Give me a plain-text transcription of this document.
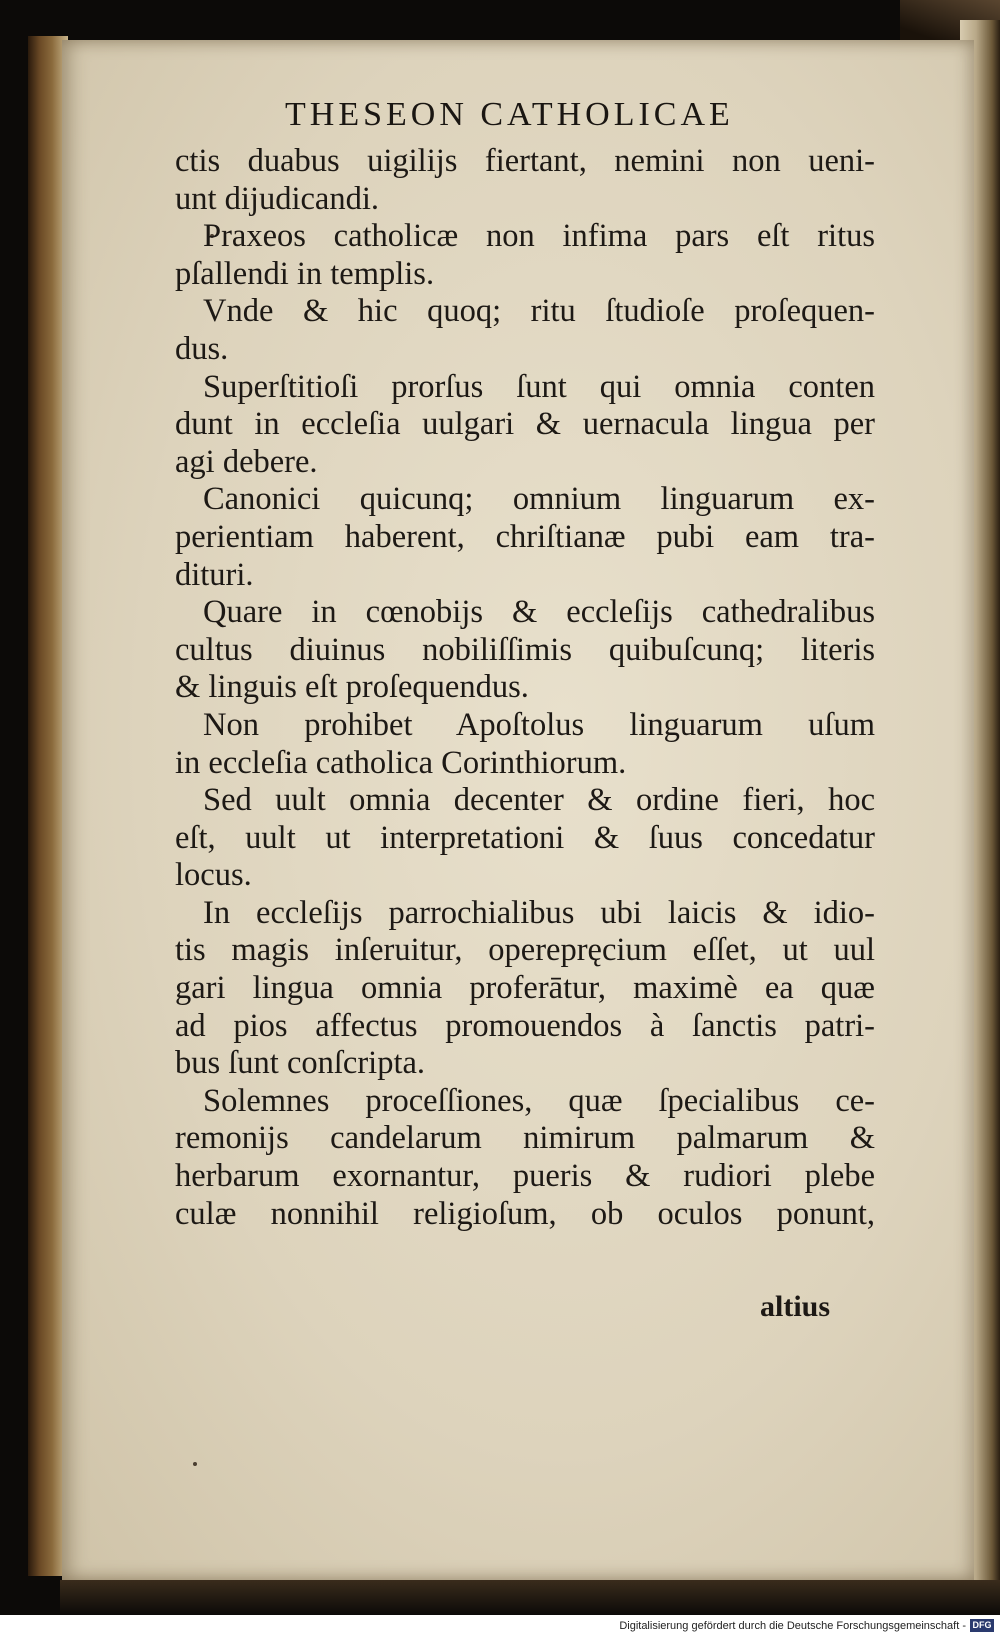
THESEON CATHOLICAE
ctis duabus uigilijs fiertant, nemini non ueni-
unt dijudicandi.
Praxeos catholicæ non infima pars eſt ritus
pſallendi in templis.
Vnde & hic quoq; ritu ſtudioſe proſequen-
dus.
Superſtitioſi prorſus ſunt qui omnia conten
dunt in eccleſia uulgari & uernacula lingua per
agi debere.
Canonici quicunq; omnium linguarum ex-
perientiam haberent, chriſtianæ pubi eam tra-
dituri.
Quare in cœnobijs & eccleſijs cathedralibus
cultus diuinus nobiliſſimis quibuſcunq; literis
& linguis eſt proſequendus.
Non prohibet Apoſtolus linguarum uſum
in eccleſia catholica Corinthiorum.
Sed uult omnia decenter & ordine fieri, hoc
eſt, uult ut interpretationi & ſuus concedatur
locus.
In eccleſijs parrochialibus ubi laicis & idio-
tis magis inſeruitur, operepręcium eſſet, ut uul
gari lingua omnia proferātur, maximè ea quæ
ad pios affectus promouendos à ſanctis patri-
bus ſunt conſcripta.
Solemnes proceſſiones, quæ ſpecialibus ce-
remonijs candelarum nimirum palmarum &
herbarum exornantur, pueris & rudiori plebe
culæ nonnihil religioſum, ob oculos ponunt,
altius
Digitalisierung gefördert durch die Deutsche Forschungsgemeinschaft - DFG
